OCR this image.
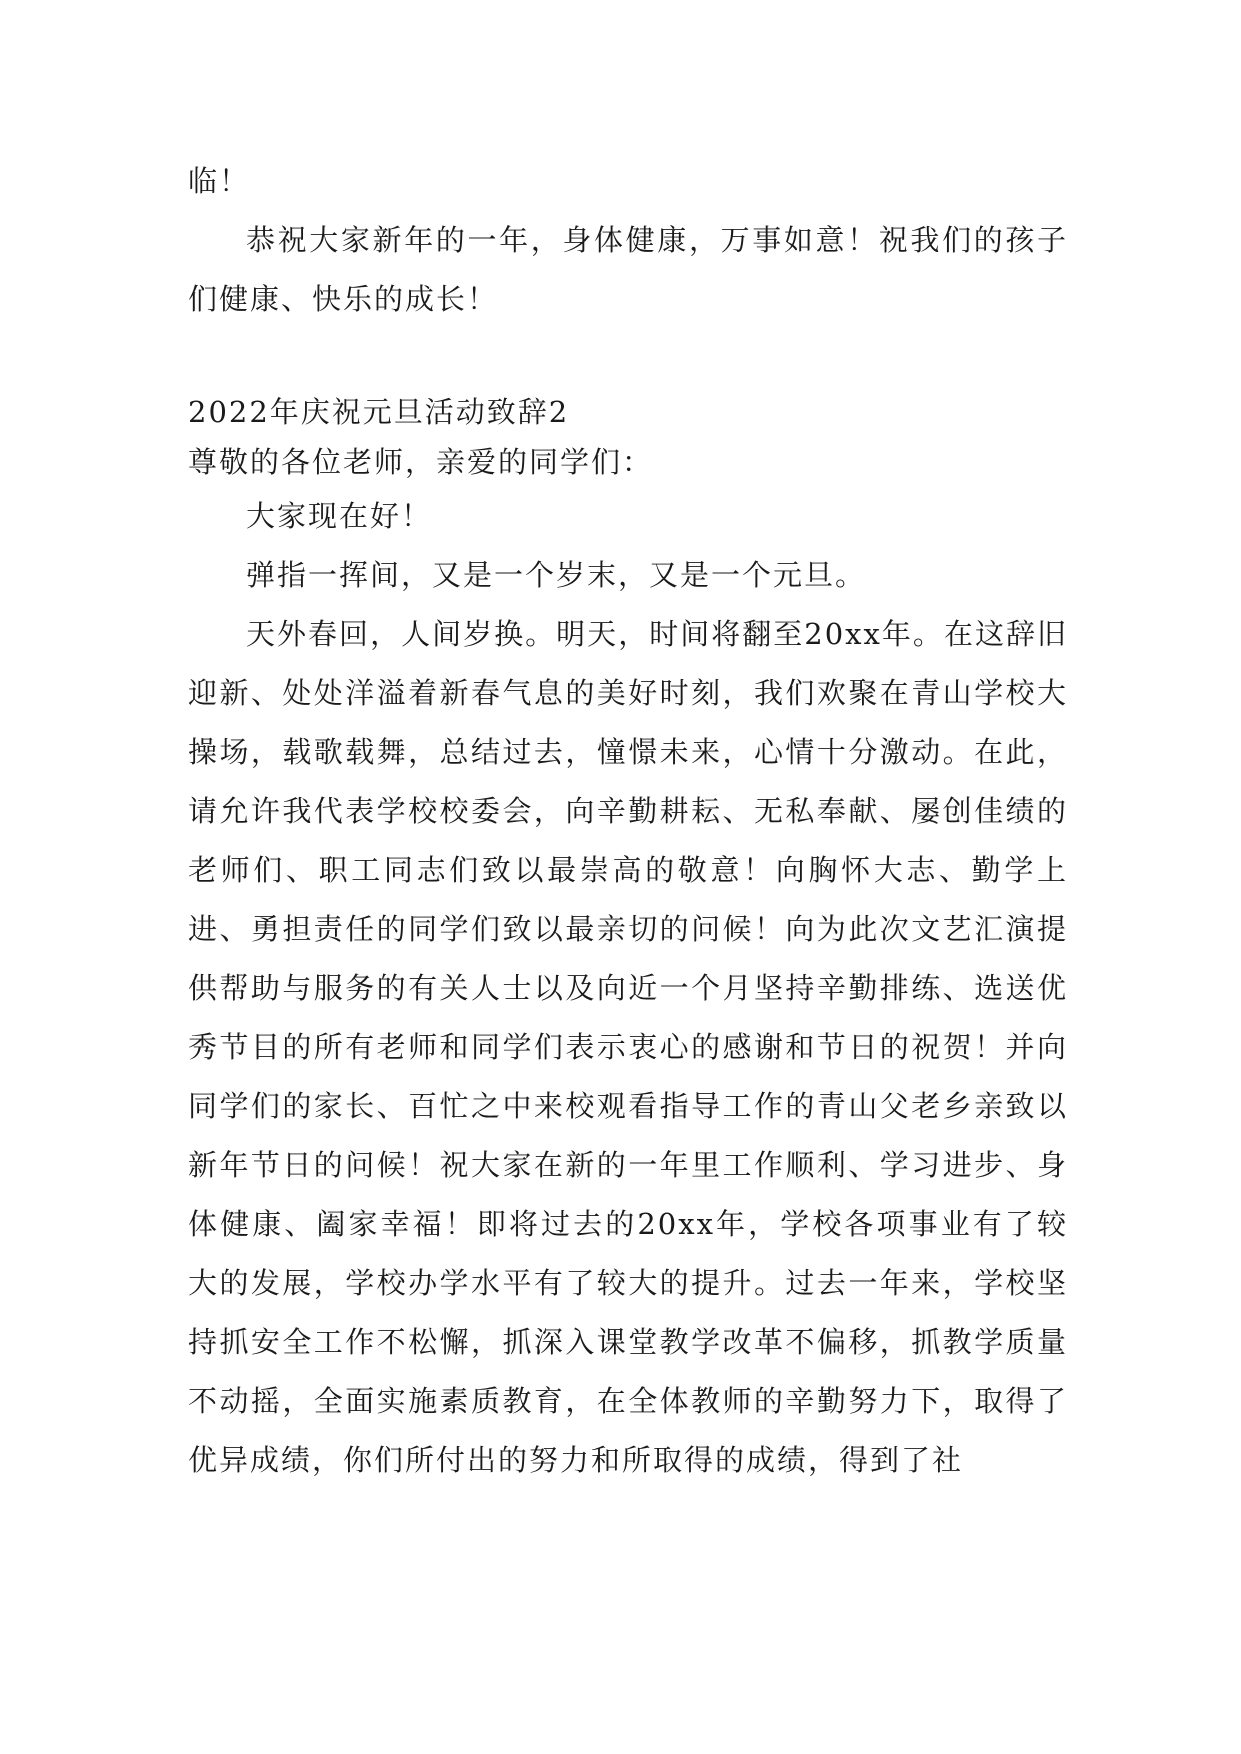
临！

恭祝大家新年的一年，身体健康，万事如意！祝我们的孩子们健康、快乐的成长！

2022年庆祝元旦活动致辞2

尊敬的各位老师，亲爱的同学们：

大家现在好！

弹指一挥间，又是一个岁末，又是一个元旦。

天外春回，人间岁换。明天，时间将翻至20xx年。在这辞旧迎新、处处洋溢着新春气息的美好时刻，我们欢聚在青山学校大操场，载歌载舞，总结过去，憧憬未来，心情十分激动。在此，请允许我代表学校校委会，向辛勤耕耘、无私奉献、屡创佳绩的老师们、职工同志们致以最崇高的敬意！向胸怀大志、勤学上进、勇担责任的同学们致以最亲切的问候！向为此次文艺汇演提供帮助与服务的有关人士以及向近一个月坚持辛勤排练、选送优秀节目的所有老师和同学们表示衷心的感谢和节日的祝贺！并向同学们的家长、百忙之中来校观看指导工作的青山父老乡亲致以新年节日的问候！祝大家在新的一年里工作顺利、学习进步、身体健康、阖家幸福！即将过去的20xx年，学校各项事业有了较大的发展，学校办学水平有了较大的提升。过去一年来，学校坚持抓安全工作不松懈，抓深入课堂教学改革不偏移，抓教学质量不动摇，全面实施素质教育，在全体教师的辛勤努力下，取得了优异成绩，你们所付出的努力和所取得的成绩，得到了社
